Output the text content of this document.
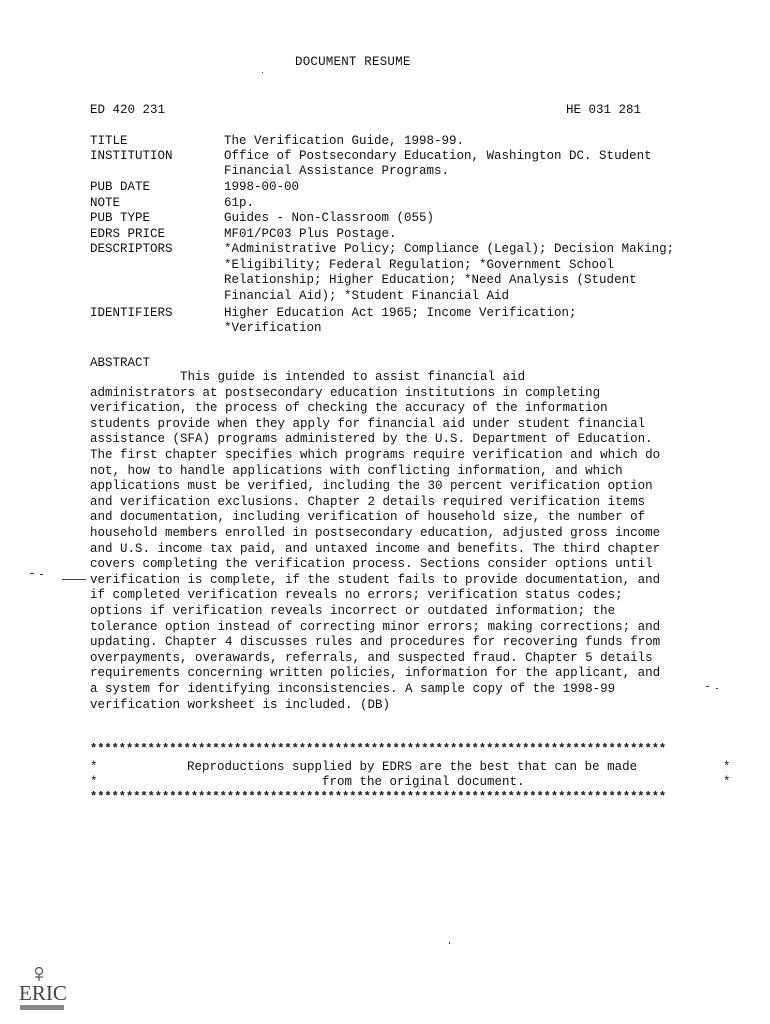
DOCUMENT RESUME
ED 420 231	HE 031 281
TITLE	The Verification Guide, 1998-99.
INSTITUTION	Office of Postsecondary Education, Washington DC. Student
Financial Assistance Programs.
PUB DATE	1998-00-00
NOTE	61p.
PUB TYPE	Guides - Non-Classroom (055)
EDRS PRICE	MF01/PC03 Plus Postage.
DESCRIPTORS	*Administrative Policy; Compliance (Legal); Decision Making;
*Eligibility; Federal Regulation; *Government School
Relationship; Higher Education; *Need Analysis (Student
Financial Aid); *Student Financial Aid
IDENTIFIERS	Higher Education Act 1965; Income Verification;
*Verification
ABSTRACT
This guide is intended to assist financial aid
administrators at postsecondary education institutions in completing
verification, the process of checking the accuracy of the information
students provide when they apply for financial aid under student financial
assistance (SFA) programs administered by the U.S. Department of Education.
The first chapter specifies which programs require verification and which do
not, how to handle applications with conflicting information, and which
applications must be verified, including the 30 percent verification option
and verification exclusions. Chapter 2 details required verification items
and documentation, including verification of household size, the number of
household members enrolled in postsecondary education, adjusted gross income
and U.S. income tax paid, and untaxed income and benefits. The third chapter
covers completing the verification process. Sections consider options until
verification is complete, if the student fails to provide documentation, and
if completed verification reveals no errors; verification status codes;
options if verification reveals incorrect or outdated information; the
tolerance option instead of correcting minor errors; making corrections; and
updating. Chapter 4 discusses rules and procedures for recovering funds from
overpayments, overawards, referrals, and suspected fraud. Chapter 5 details
requirements concerning written policies, information for the applicant, and
a system for identifying inconsistencies. A sample copy of the 1998-99
verification worksheet is included. (DB)
********************************************************************************
*	Reproductions supplied by EDRS are the best that can be made	*
*	from the original document.	*
********************************************************************************
ERIC
